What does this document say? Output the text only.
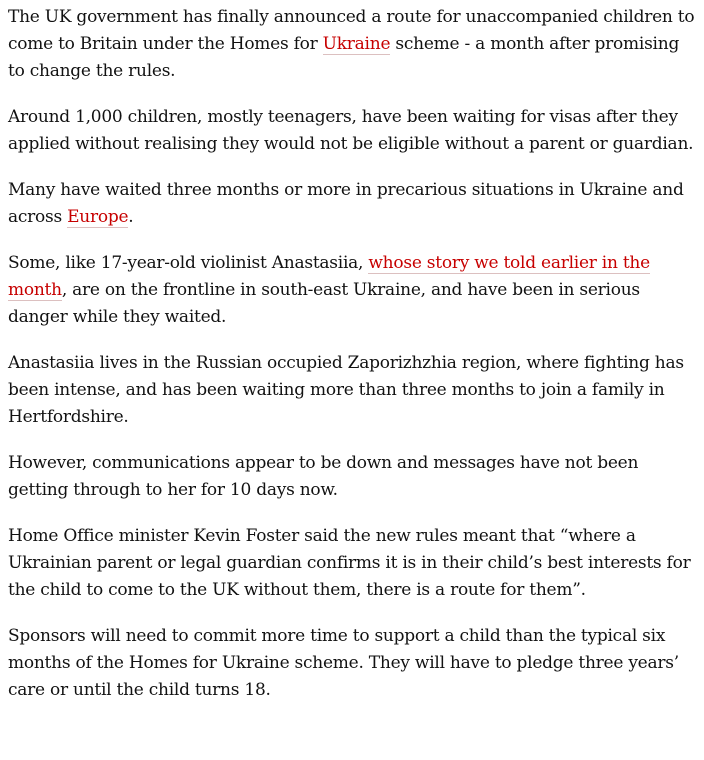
The UK government has finally announced a route for unaccompanied children to come to Britain under the Homes for Ukraine scheme - a month after promising to change the rules.

Around 1,000 children, mostly teenagers, have been waiting for visas after they applied without realising they would not be eligible without a parent or guardian.

Many have waited three months or more in precarious situations in Ukraine and across Europe.

Some, like 17-year-old violinist Anastasiia, whose story we told earlier in the month, are on the frontline in south-east Ukraine, and have been in serious danger while they waited.

Anastasiia lives in the Russian occupied Zaporizhzhia region, where fighting has been intense, and has been waiting more than three months to join a family in Hertfordshire.

However, communications appear to be down and messages have not been getting through to her for 10 days now.

Home Office minister Kevin Foster said the new rules meant that “where a Ukrainian parent or legal guardian confirms it is in their child’s best interests for the child to come to the UK without them, there is a route for them”.

Sponsors will need to commit more time to support a child than the typical six months of the Homes for Ukraine scheme. They will have to pledge three years’ care or until the child turns 18.
